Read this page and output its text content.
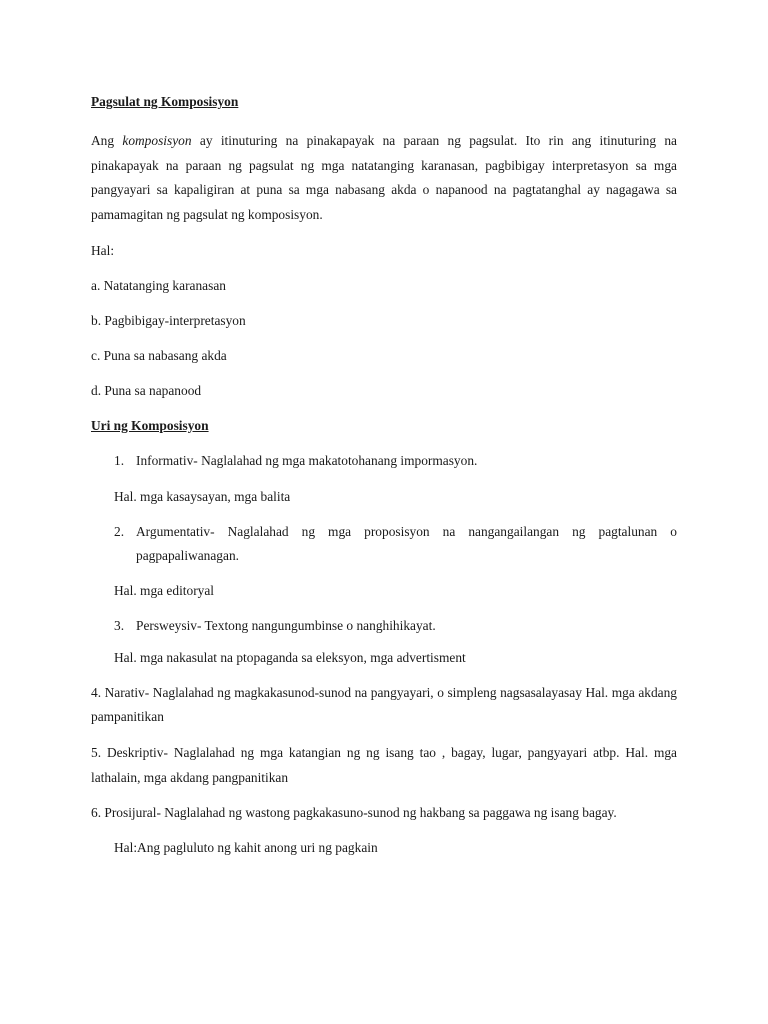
Pagsulat ng Komposisyon

Ang komposisyon ay itinuturing na pinakapayak na paraan ng pagsulat. Ito rin ang itinuturing na pinakapayak na paraan ng pagsulat ng mga natatanging karanasan, pagbibigay interpretasyon sa mga pangyayari sa kapaligiran at puna sa mga nabasang akda o napanood na pagtatanghal ay nagagawa sa pamamagitan ng pagsulat ng komposisyon.

Hal:

a. Natatanging karanasan

b. Pagbibigay-interpretasyon

c. Puna sa nabasang akda

d. Puna sa napanood

Uri ng Komposisyon

1. Informativ- Naglalahad ng mga makatotohanang impormasyon.

Hal. mga kasaysayan, mga balita

2. Argumentativ- Naglalahad ng mga proposisyon na nangangailangan ng pagtalunan o pagpapaliwanagan.

Hal. mga editoryal

3. Persweysiv- Textong nangungumbinse o nanghihikayat.

Hal. mga nakasulat na ptopaganda sa eleksyon, mga advertisment

4. Narativ- Naglalahad ng magkakasunod-sunod na pangyayari, o simpleng nagsasalayasay Hal. mga akdang pampanitikan

5. Deskriptiv- Naglalahad ng mga katangian ng ng isang tao , bagay, lugar, pangyayari atbp. Hal. mga lathalain, mga akdang pangpanitikan

6. Prosijural- Naglalahad ng wastong pagkakasuno-sunod ng hakbang sa paggawa ng isang bagay.

Hal:Ang pagluluto ng kahit anong uri ng pagkain
